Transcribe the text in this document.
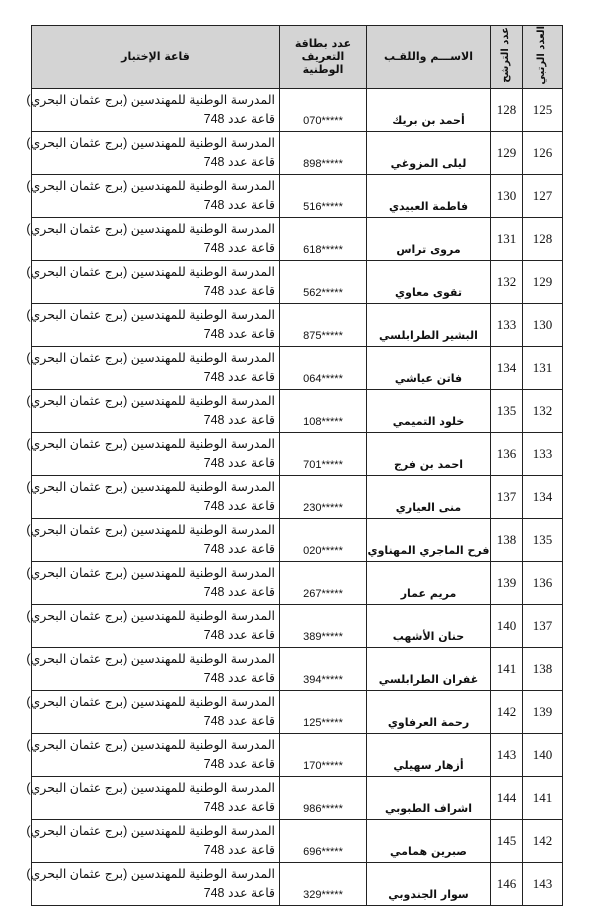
العدد الرتبي	عدد الترشح	الاســـم واللقـب	عدد بطاقة التعريف الوطنية	قاعة الإختبار
125	128	أحمد بن بريك	070*****	المدرسة الوطنية للمهندسين (برج عثمان البحري)
قاعة عدد 748

126	129	ليلى المزوغي	898*****	المدرسة الوطنية للمهندسين (برج عثمان البحري)
قاعة عدد 748

127	130	فاطمة العبيدي	516*****	المدرسة الوطنية للمهندسين (برج عثمان البحري)
قاعة عدد 748

128	131	مروى تراس	618*****	المدرسة الوطنية للمهندسين (برج عثمان البحري)
قاعة عدد 748

129	132	تقوى معاوي	562*****	المدرسة الوطنية للمهندسين (برج عثمان البحري)
قاعة عدد 748

130	133	البشير الطرابلسي	875*****	المدرسة الوطنية للمهندسين (برج عثمان البحري)
قاعة عدد 748

131	134	فاتن عياشي	064*****	المدرسة الوطنية للمهندسين (برج عثمان البحري)
قاعة عدد 748

132	135	خلود التميمي	108*****	المدرسة الوطنية للمهندسين (برج عثمان البحري)
قاعة عدد 748

133	136	احمد بن فرج	701*****	المدرسة الوطنية للمهندسين (برج عثمان البحري)
قاعة عدد 748

134	137	منى العياري	230*****	المدرسة الوطنية للمهندسين (برج عثمان البحري)
قاعة عدد 748

135	138	فرح الماجري المهناوي	020*****	المدرسة الوطنية للمهندسين (برج عثمان البحري)
قاعة عدد 748

136	139	مريم عمار	267*****	المدرسة الوطنية للمهندسين (برج عثمان البحري)
قاعة عدد 748

137	140	حنان الأشهب	389*****	المدرسة الوطنية للمهندسين (برج عثمان البحري)
قاعة عدد 748

138	141	غفران الطرابلسي	394*****	المدرسة الوطنية للمهندسين (برج عثمان البحري)
قاعة عدد 748

139	142	رحمة العرفاوي	125*****	المدرسة الوطنية للمهندسين (برج عثمان البحري)
قاعة عدد 748

140	143	أزهار سهيلي	170*****	المدرسة الوطنية للمهندسين (برج عثمان البحري)
قاعة عدد 748

141	144	اشراف الطبوبي	986*****	المدرسة الوطنية للمهندسين (برج عثمان البحري)
قاعة عدد 748

142	145	صبرين همامي	696*****	المدرسة الوطنية للمهندسين (برج عثمان البحري)
قاعة عدد 748

143	146	سوار الجندوبي	329*****	المدرسة الوطنية للمهندسين (برج عثمان البحري)
قاعة عدد 748
